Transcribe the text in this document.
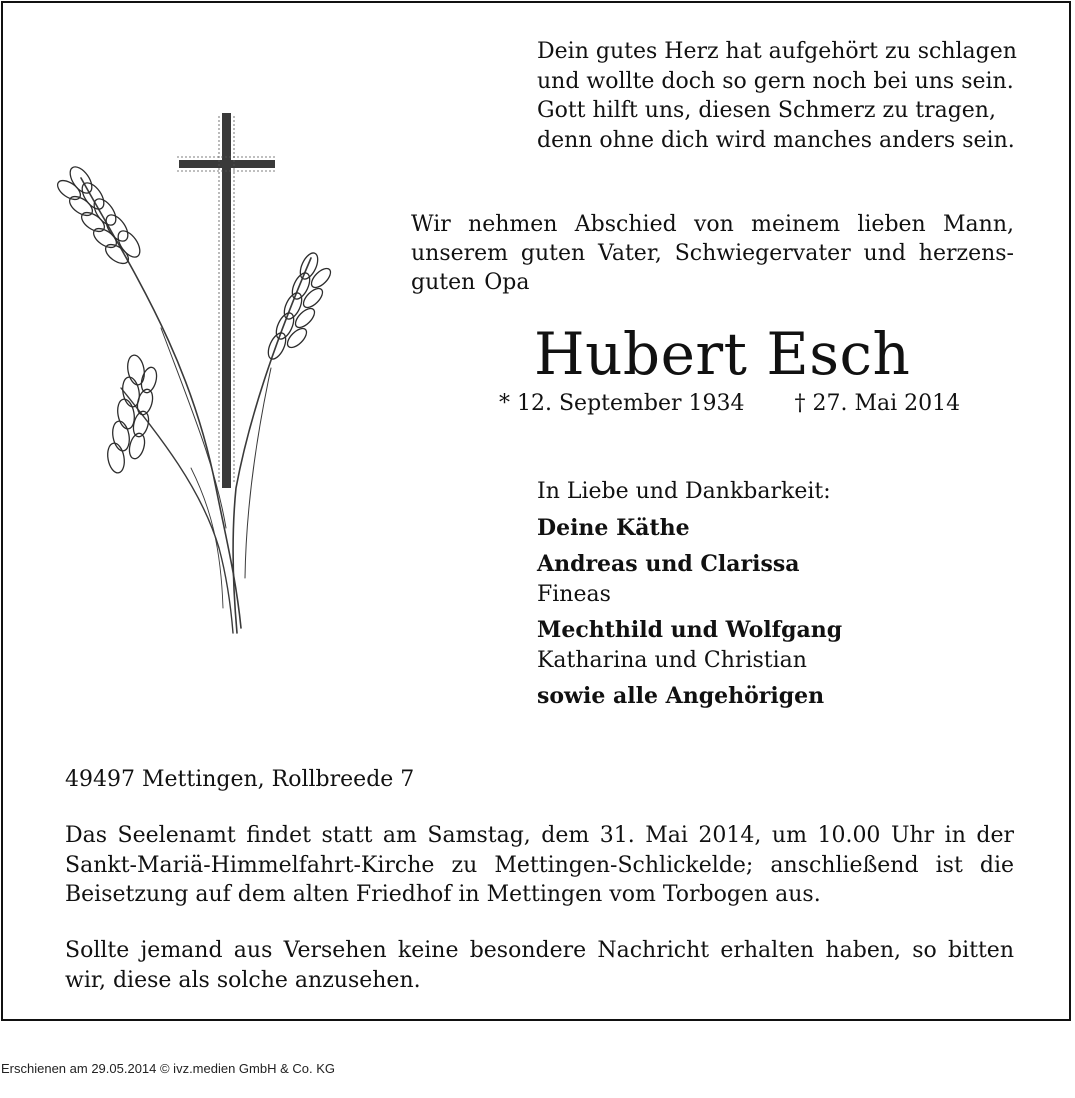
Dein gutes Herz hat aufgehört zu schlagen
und wollte doch so gern noch bei uns sein.
Gott hilft uns, diesen Schmerz zu tragen,
denn ohne dich wird manches anders sein.
Wir nehmen Abschied von meinem lieben Mann, unserem guten Vater, Schwiegervater und herzens-guten Opa
Hubert Esch
* 12. September 1934 † 27. Mai 2014
In Liebe und Dankbarkeit:
Deine Käthe
Andreas und Clarissa
Fineas
Mechthild und Wolfgang
Katharina und Christian
sowie alle Angehörigen
49497 Mettingen, Rollbreede 7
Das Seelenamt findet statt am Samstag, dem 31. Mai 2014, um 10.00 Uhr in der Sankt-Mariä-Himmelfahrt-Kirche zu Mettingen-Schlickelde; anschließend ist die Beisetzung auf dem alten Friedhof in Mettingen vom Torbogen aus.
Sollte jemand aus Versehen keine besondere Nachricht erhalten haben, so bitten wir, diese als solche anzusehen.
Erschienen am 29.05.2014 © ivz.medien GmbH & Co. KG
